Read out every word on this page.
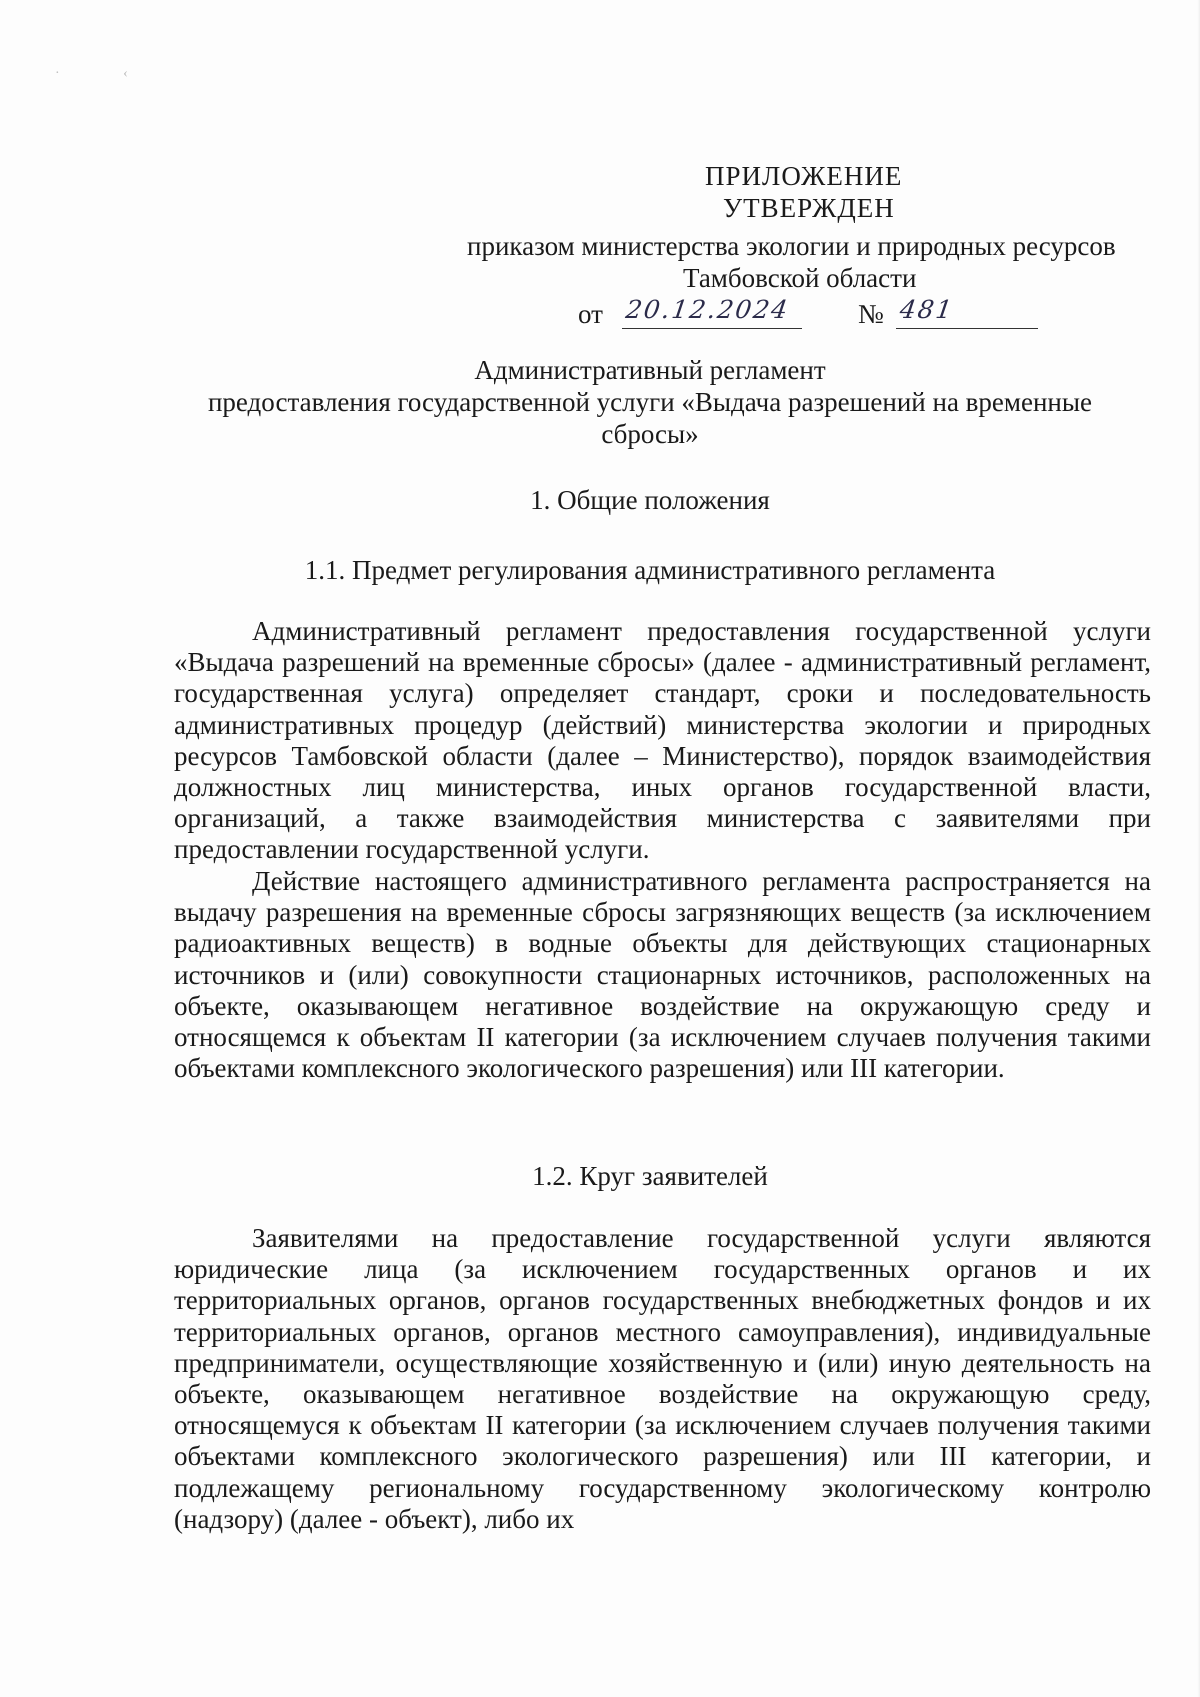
· ‹
ПРИЛОЖЕНИЕ
УТВЕРЖДЕН
приказом министерства экологии и природных ресурсов
Тамбовской области
от 20.12.2024 № 481
Административный регламент
предоставления государственной услуги «Выдача разрешений на временные
сбросы»
1. Общие положения
1.1. Предмет регулирования административного регламента

Административный регламент предоставления государственной услуги «Выдача разрешений на временные сбросы» (далее - административный регламент, государственная услуга) определяет стандарт, сроки и последовательность административных процедур (действий) министерства экологии и природных ресурсов Тамбовской области (далее – Министерство), порядок взаимодействия должностных лиц министерства, иных органов государственной власти, организаций, а также взаимодействия министерства с заявителями при предоставлении государственной услуги.

Действие настоящего административного регламента распространяется на выдачу разрешения на временные сбросы загрязняющих веществ (за исключением радиоактивных веществ) в водные объекты для действующих стационарных источников и (или) совокупности стационарных источников, расположенных на объекте, оказывающем негативное воздействие на окружающую среду и относящемся к объектам II категории (за исключением случаев получения такими объектами комплексного экологического разрешения) или III категории.

1.2. Круг заявителей

Заявителями на предоставление государственной услуги являются юридические лица (за исключением государственных органов и их территориальных органов, органов государственных внебюджетных фондов и их территориальных органов, органов местного самоуправления), индивидуальные предприниматели, осуществляющие хозяйственную и (или) иную деятельность на объекте, оказывающем негативное воздействие на окружающую среду, относящемуся к объектам II категории (за исключением случаев получения такими объектами комплексного экологического разрешения) или III категории, и подлежащему региональному государственному экологическому контролю (надзору) (далее - объект), либо их
